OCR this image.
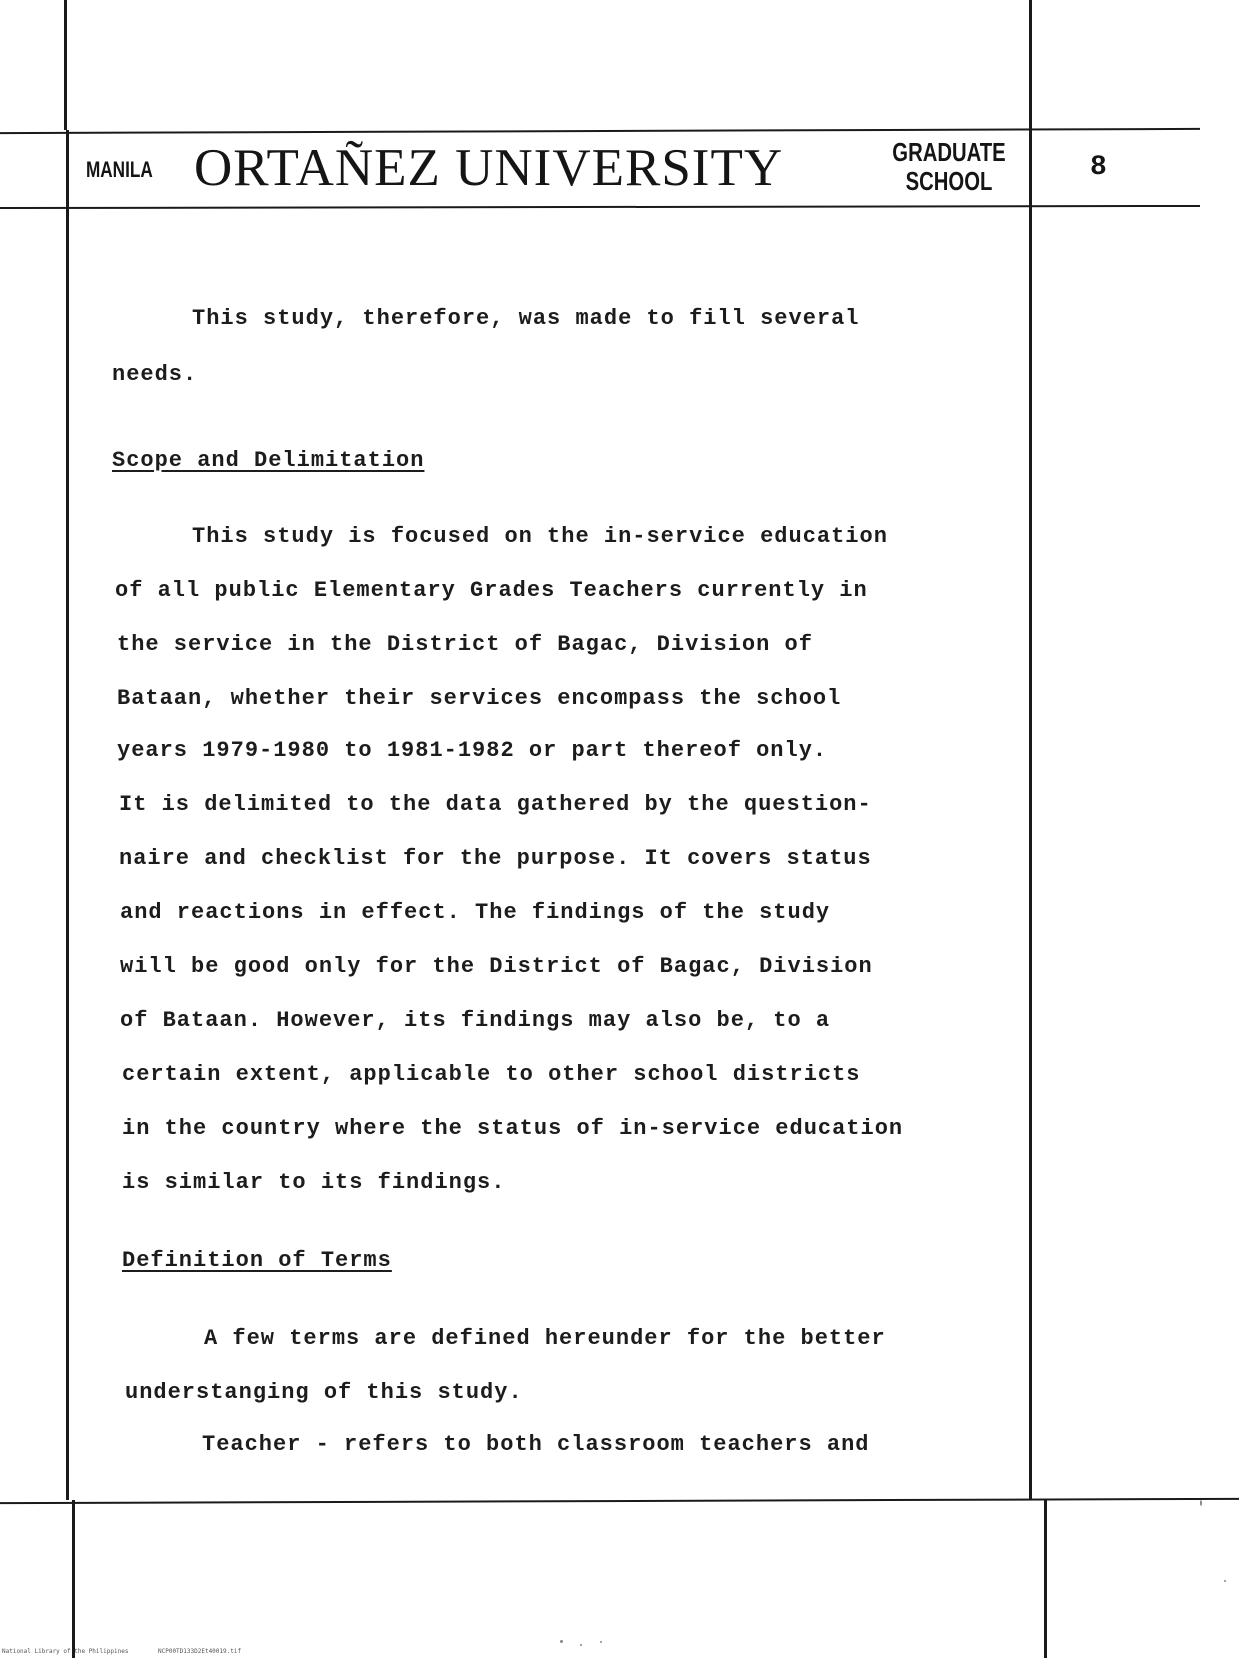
MANILA ORTAÑEZ UNIVERSITY	GRADUATE
SCHOOL	8
This study, therefore, was made to fill several
needs.
Scope and Delimitation
This study is focused on the in-service education
of all public Elementary Grades Teachers currently in
the service in the District of Bagac, Division of
Bataan, whether their services encompass the school
years 1979-1980 to 1981-1982 or part thereof only.
It is delimited to the data gathered by the question-
naire and checklist for the purpose. It covers status
and reactions in effect. The findings of the study
will be good only for the District of Bagac, Division
of Bataan. However, its findings may also be, to a
certain extent, applicable to other school districts
in the country where the status of in-service education
is similar to its findings.
Definition of Terms
A few terms are defined hereunder for the better
understanging of this study.
Teacher - refers to both classroom teachers and
National Library of the Philippines	NCP00TD133D2Et40019.tif
